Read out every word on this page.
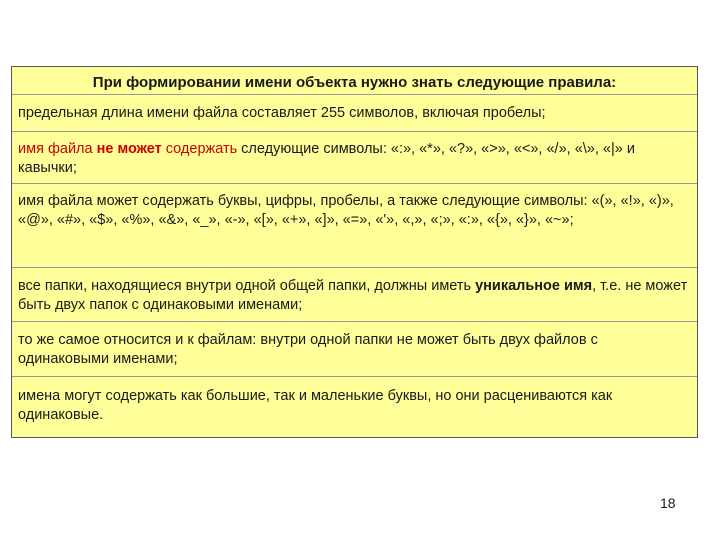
При формировании имени объекта нужно знать следующие правила:
предельная длина имени файла составляет 255 символов, включая пробелы;
имя файла не может содержать следующие символы: «:», «*», «?», «>», «<», «/», «\», «|» и кавычки;
имя файла может содержать буквы, цифры, пробелы, а также следующие символы: «(», «!», «)», «@», «#», «$», «%», «&», «_», «-», «[», «+», «]», «=», «'», «,», «;», «:», «{», «}», «~»;
все папки, находящиеся внутри одной общей папки, должны иметь уникальное имя, т.е. не может быть двух папок с одинаковыми именами;
то же самое относится и к файлам: внутри одной папки не может быть двух файлов с одинаковыми именами;
имена могут содержать как большие, так и маленькие буквы, но они расцениваются как одинаковые.
18
